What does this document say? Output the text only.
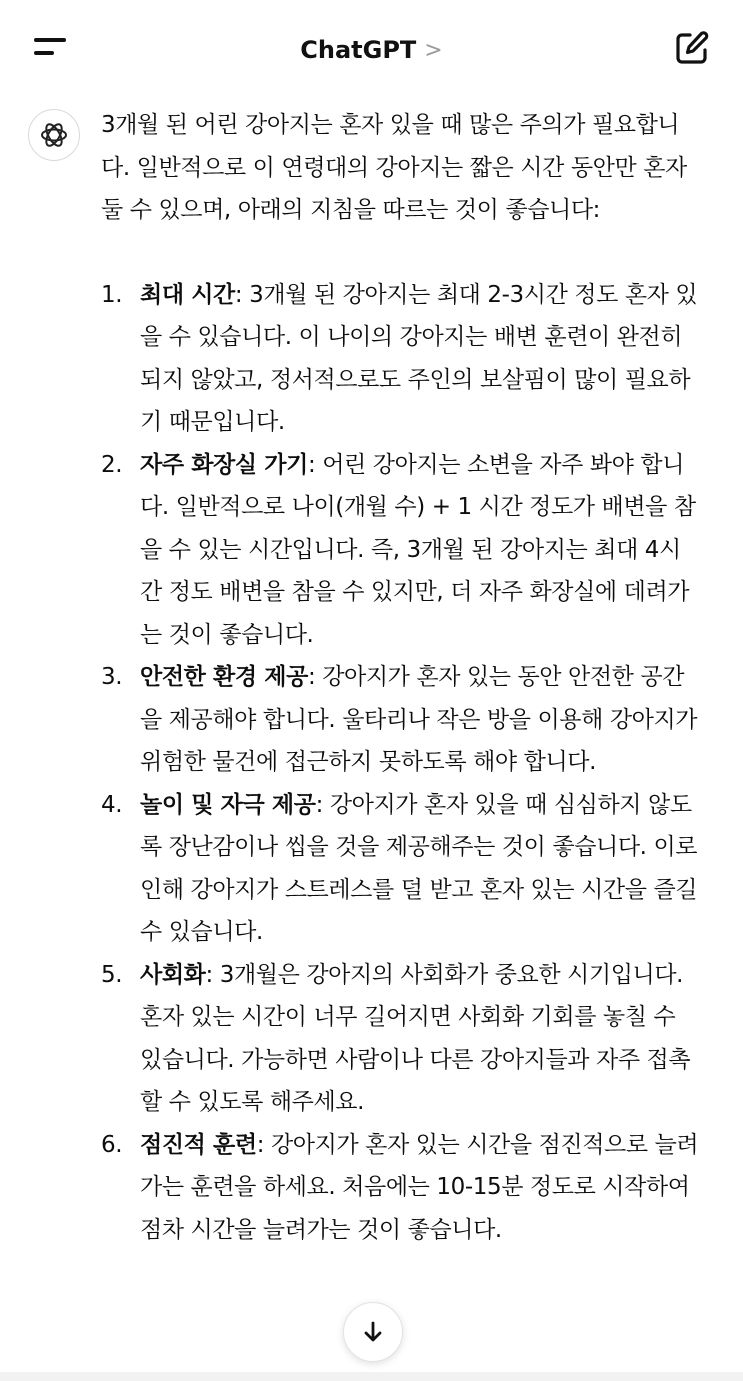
ChatGPT >

3개월 된 어린 강아지는 혼자 있을 때 많은 주의가 필요합니다. 일반적으로 이 연령대의 강아지는 짧은 시간 동안만 혼자 둘 수 있으며, 아래의 지침을 따르는 것이 좋습니다:

1. 최대 시간: 3개월 된 강아지는 최대 2-3시간 정도 혼자 있을 수 있습니다. 이 나이의 강아지는 배변 훈련이 완전히 되지 않았고, 정서적으로도 주인의 보살핌이 많이 필요하기 때문입니다.
2. 자주 화장실 가기: 어린 강아지는 소변을 자주 봐야 합니다. 일반적으로 나이(개월 수) + 1 시간 정도가 배변을 참을 수 있는 시간입니다. 즉, 3개월 된 강아지는 최대 4시간 정도 배변을 참을 수 있지만, 더 자주 화장실에 데려가는 것이 좋습니다.
3. 안전한 환경 제공: 강아지가 혼자 있는 동안 안전한 공간을 제공해야 합니다. 울타리나 작은 방을 이용해 강아지가 위험한 물건에 접근하지 못하도록 해야 합니다.
4. 놀이 및 자극 제공: 강아지가 혼자 있을 때 심심하지 않도록 장난감이나 씹을 것을 제공해주는 것이 좋습니다. 이로 인해 강아지가 스트레스를 덜 받고 혼자 있는 시간을 즐길 수 있습니다.
5. 사회화: 3개월은 강아지의 사회화가 중요한 시기입니다. 혼자 있는 시간이 너무 길어지면 사회화 기회를 놓칠 수 있습니다. 가능하면 사람이나 다른 강아지들과 자주 접촉할 수 있도록 해주세요.
6. 점진적 훈련: 강아지가 혼자 있는 시간을 점진적으로 늘려가는 훈련을 하세요. 처음에는 10-15분 정도로 시작하여 점차 시간을 늘려가는 것이 좋습니다.
